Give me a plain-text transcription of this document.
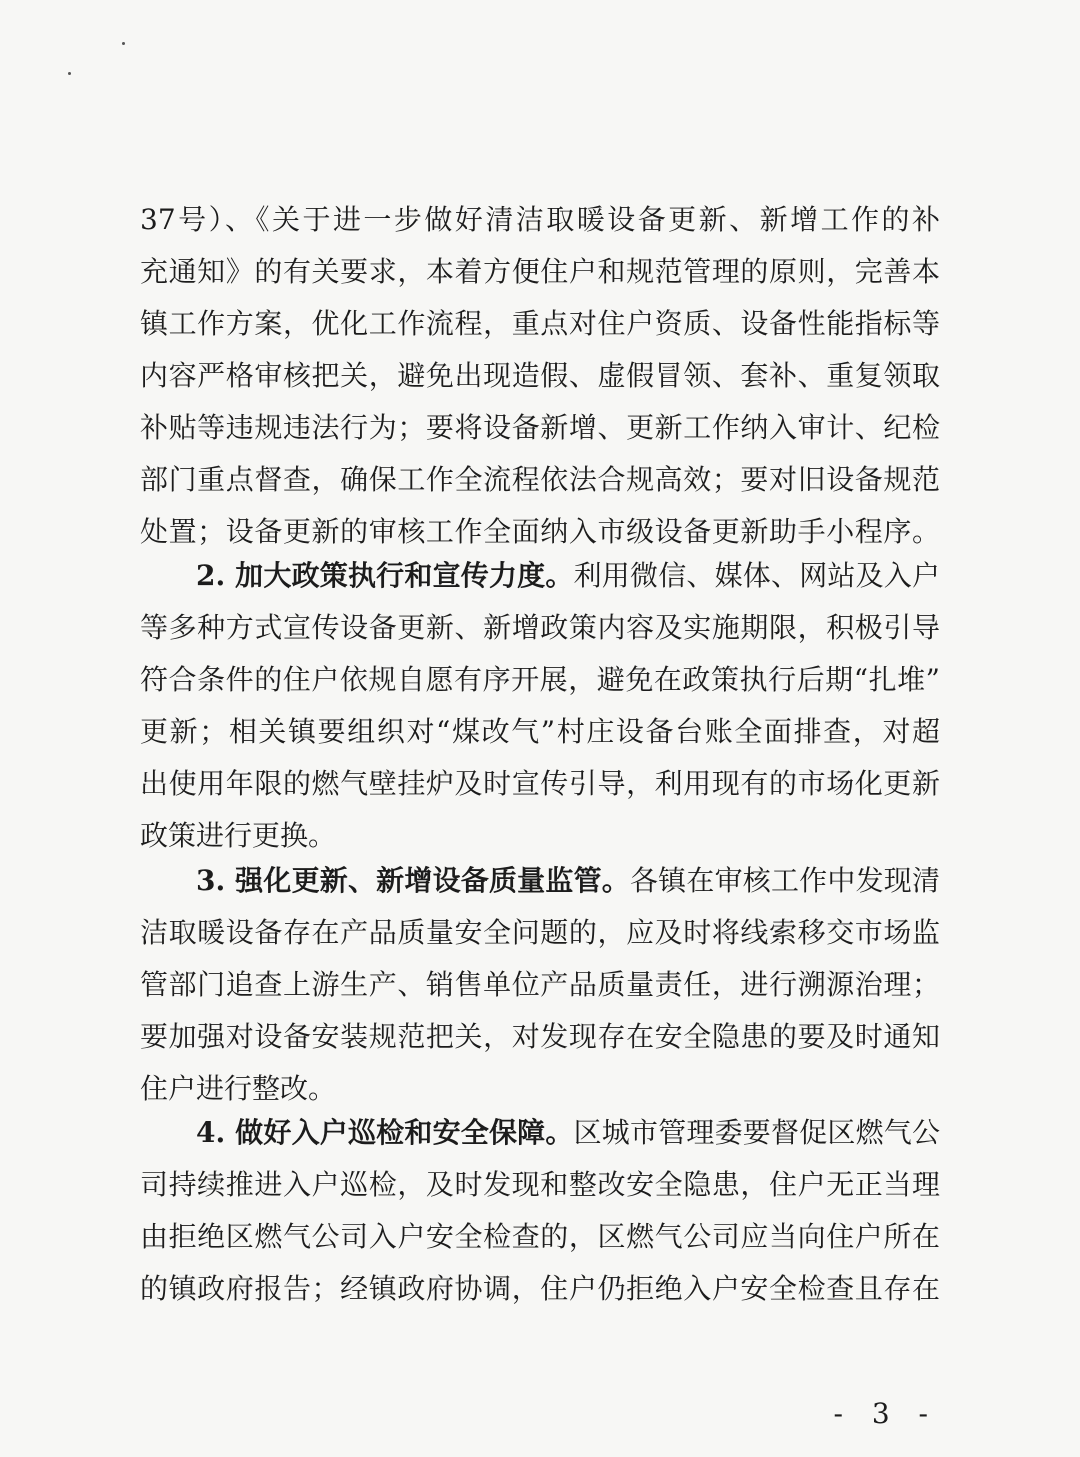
37号）、《关于进一步做好清洁取暖设备更新、新增工作的补
充通知》的有关要求，本着方便住户和规范管理的原则，完善本
镇工作方案，优化工作流程，重点对住户资质、设备性能指标等
内容严格审核把关，避免出现造假、虚假冒领、套补、重复领取
补贴等违规违法行为；要将设备新增、更新工作纳入审计、纪检
部门重点督查，确保工作全流程依法合规高效；要对旧设备规范
处置；设备更新的审核工作全面纳入市级设备更新助手小程序。
2. 加大政策执行和宣传力度。利用微信、媒体、网站及入户
等多种方式宣传设备更新、新增政策内容及实施期限，积极引导
符合条件的住户依规自愿有序开展，避免在政策执行后期“扎堆”
更新；相关镇要组织对“煤改气”村庄设备台账全面排查，对超
出使用年限的燃气壁挂炉及时宣传引导，利用现有的市场化更新
政策进行更换。
3. 强化更新、新增设备质量监管。各镇在审核工作中发现清
洁取暖设备存在产品质量安全问题的，应及时将线索移交市场监
管部门追查上游生产、销售单位产品质量责任，进行溯源治理；
要加强对设备安装规范把关，对发现存在安全隐患的要及时通知
住户进行整改。
4. 做好入户巡检和安全保障。区城市管理委要督促区燃气公
司持续推进入户巡检，及时发现和整改安全隐患，住户无正当理
由拒绝区燃气公司入户安全检查的，区燃气公司应当向住户所在
的镇政府报告；经镇政府协调，住户仍拒绝入户安全检查且存在
- 3 -
